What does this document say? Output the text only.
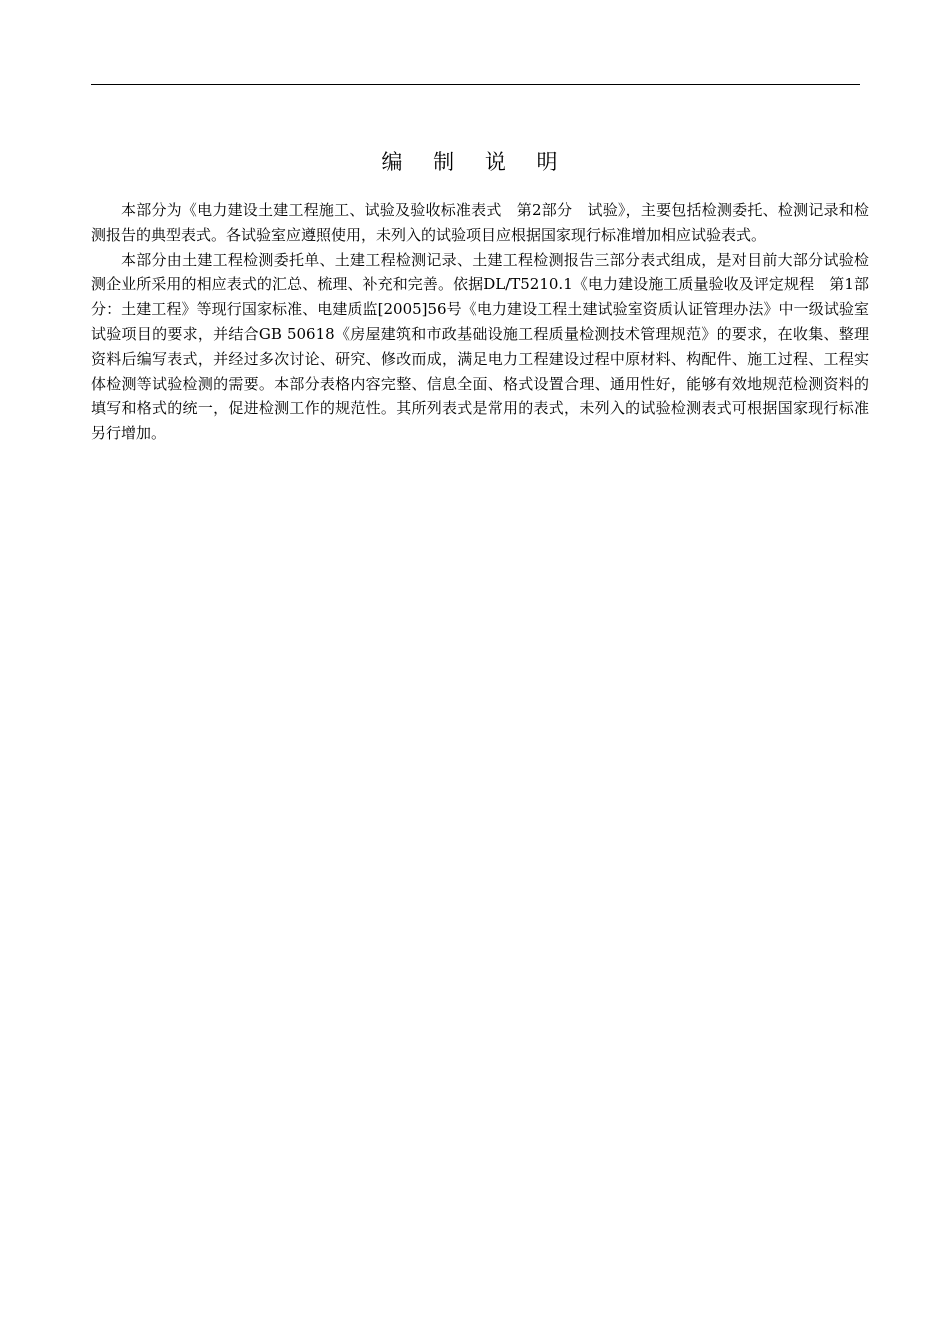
编 制 说 明

本部分为《电力建设土建工程施工、试验及验收标准表式　第2部分　试验》，主要包括检测委托、检测记录和检测报告的典型表式。各试验室应遵照使用，未列入的试验项目应根据国家现行标准增加相应试验表式。

本部分由土建工程检测委托单、土建工程检测记录、土建工程检测报告三部分表式组成，是对目前大部分试验检测企业所采用的相应表式的汇总、梳理、补充和完善。依据DL/T5210.1《电力建设施工质量验收及评定规程　第1部分：土建工程》等现行国家标准、电建质监[2005]56号《电力建设工程土建试验室资质认证管理办法》中一级试验室试验项目的要求，并结合GB 50618《房屋建筑和市政基础设施工程质量检测技术管理规范》的要求，在收集、整理资料后编写表式，并经过多次讨论、研究、修改而成，满足电力工程建设过程中原材料、构配件、施工过程、工程实体检测等试验检测的需要。本部分表格内容完整、信息全面、格式设置合理、通用性好，能够有效地规范检测资料的填写和格式的统一，促进检测工作的规范性。其所列表式是常用的表式，未列入的试验检测表式可根据国家现行标准另行增加。
